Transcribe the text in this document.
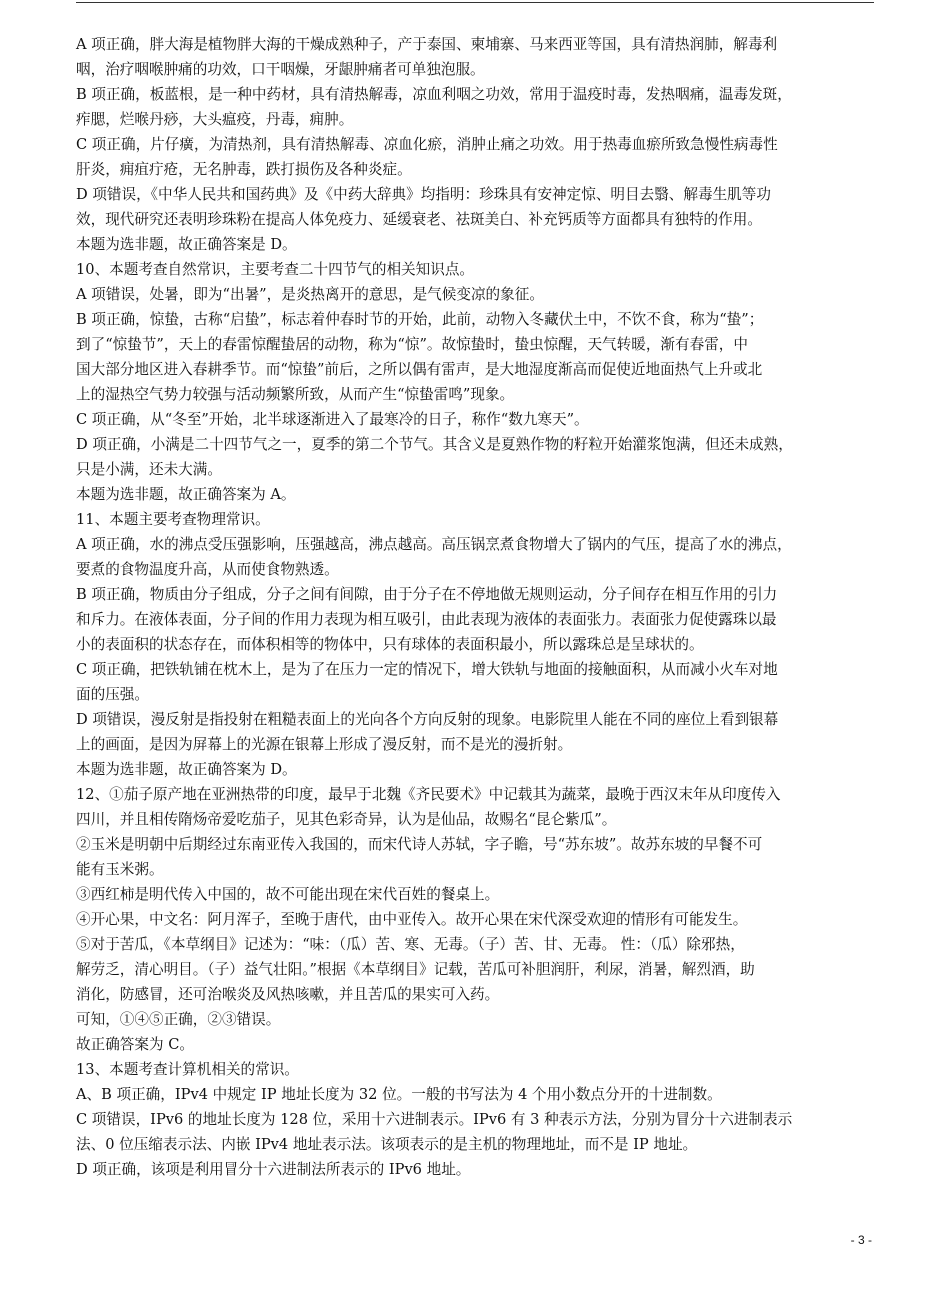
A 项正确，胖大海是植物胖大海的干燥成熟种子，产于泰国、柬埔寨、马来西亚等国，具有清热润肺，解毒利
咽，治疗咽喉肿痛的功效，口干咽燥，牙龈肿痛者可单独泡服。
B 项正确，板蓝根，是一种中药材，具有清热解毒，凉血利咽之功效，常用于温疫时毒，发热咽痛，温毒发斑，
痄腮，烂喉丹痧，大头瘟疫，丹毒，痈肿。
C 项正确，片仔癀，为清热剂，具有清热解毒、凉血化瘀，消肿止痛之功效。用于热毒血瘀所致急慢性病毒性
肝炎，痈疽疔疮，无名肿毒，跌打损伤及各种炎症。
D 项错误，《中华人民共和国药典》及《中药大辞典》均指明：珍珠具有安神定惊、明目去翳、解毒生肌等功
效，现代研究还表明珍珠粉在提高人体免疫力、延缓衰老、祛斑美白、补充钙质等方面都具有独特的作用。
本题为选非题，故正确答案是 D。
10、本题考查自然常识，主要考查二十四节气的相关知识点。
A 项错误，处暑，即为“出暑”，是炎热离开的意思，是气候变凉的象征。
B 项正确，惊蛰，古称“启蛰”，标志着仲春时节的开始，此前，动物入冬藏伏土中，不饮不食，称为“蛰”；
到了“惊蛰节”，天上的春雷惊醒蛰居的动物，称为“惊”。故惊蛰时，蛰虫惊醒，天气转暖，渐有春雷，中
国大部分地区进入春耕季节。而“惊蛰”前后，之所以偶有雷声，是大地湿度渐高而促使近地面热气上升或北
上的湿热空气势力较强与活动频繁所致，从而产生“惊蛰雷鸣”现象。
C 项正确，从“冬至”开始，北半球逐渐进入了最寒冷的日子，称作“数九寒天”。
D 项正确，小满是二十四节气之一，夏季的第二个节气。其含义是夏熟作物的籽粒开始灌浆饱满，但还未成熟，
只是小满，还未大满。
本题为选非题，故正确答案为 A。
11、本题主要考查物理常识。
A 项正确，水的沸点受压强影响，压强越高，沸点越高。高压锅烹煮食物增大了锅内的气压，提高了水的沸点，
要煮的食物温度升高，从而使食物熟透。
B 项正确，物质由分子组成，分子之间有间隙，由于分子在不停地做无规则运动，分子间存在相互作用的引力
和斥力。在液体表面，分子间的作用力表现为相互吸引，由此表现为液体的表面张力。表面张力促使露珠以最
小的表面积的状态存在，而体积相等的物体中，只有球体的表面积最小，所以露珠总是呈球状的。
C 项正确，把铁轨铺在枕木上，是为了在压力一定的情况下，增大铁轨与地面的接触面积，从而减小火车对地
面的压强。
D 项错误，漫反射是指投射在粗糙表面上的光向各个方向反射的现象。电影院里人能在不同的座位上看到银幕
上的画面，是因为屏幕上的光源在银幕上形成了漫反射，而不是光的漫折射。
本题为选非题，故正确答案为 D。
12、①茄子原产地在亚洲热带的印度，最早于北魏《齐民要术》中记载其为蔬菜，最晚于西汉末年从印度传入
四川，并且相传隋炀帝爱吃茄子，见其色彩奇异，认为是仙品，故赐名“昆仑紫瓜”。
②玉米是明朝中后期经过东南亚传入我国的，而宋代诗人苏轼，字子瞻，号“苏东坡”。故苏东坡的早餐不可
能有玉米粥。
③西红柿是明代传入中国的，故不可能出现在宋代百姓的餐桌上。
④开心果，中文名：阿月浑子，至晚于唐代，由中亚传入。故开心果在宋代深受欢迎的情形有可能发生。
⑤对于苦瓜，《本草纲目》记述为：“味：（瓜）苦、寒、无毒。（子）苦、甘、无毒。 性：（瓜）除邪热，
解劳乏，清心明目。（子）益气壮阳。”根据《本草纲目》记载，苦瓜可补胆润肝，利尿，消暑，解烈酒，助
消化，防感冒，还可治喉炎及风热咳嗽，并且苦瓜的果实可入药。
可知，①④⑤正确，②③错误。
故正确答案为 C。
13、本题考查计算机相关的常识。
A、B 项正确，IPv4 中规定 IP 地址长度为 32 位。一般的书写法为 4 个用小数点分开的十进制数。
C 项错误，IPv6 的地址长度为 128 位，采用十六进制表示。IPv6 有 3 种表示方法，分别为冒分十六进制表示
法、0 位压缩表示法、内嵌 IPv4 地址表示法。该项表示的是主机的物理地址，而不是 IP 地址。
D 项正确，该项是利用冒分十六进制法所表示的 IPv6 地址。
- 3 -
